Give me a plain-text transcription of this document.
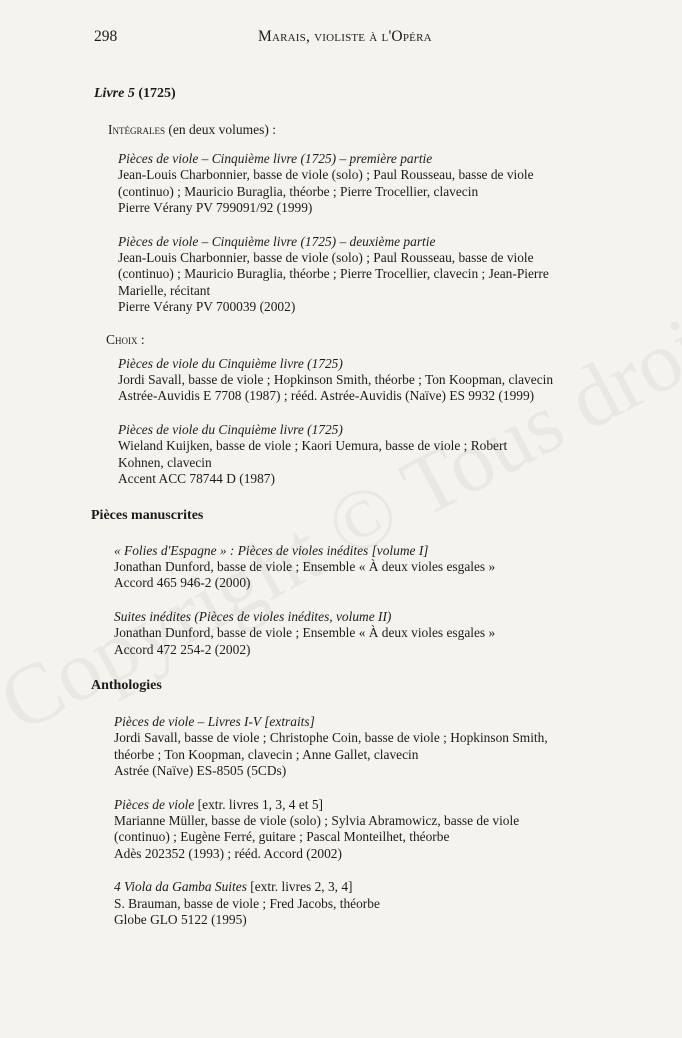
298	Marais, violiste à l'Opéra
Livre 5 (1725)
Intégrales (en deux volumes) :

Pièces de viole – Cinquième livre (1725) – première partie

Jean-Louis Charbonnier, basse de viole (solo) ; Paul Rousseau, basse de viole

(continuo) ; Mauricio Buraglia, théorbe ; Pierre Trocellier, clavecin

Pierre Vérany PV 799091/92 (1999)

Pièces de viole – Cinquième livre (1725) – deuxième partie

Jean-Louis Charbonnier, basse de viole (solo) ; Paul Rousseau, basse de viole

(continuo) ; Mauricio Buraglia, théorbe ; Pierre Trocellier, clavecin ; Jean-Pierre

Marielle, récitant

Pierre Vérany PV 700039 (2002)

Choix :

Pièces de viole du Cinquième livre (1725)

Jordi Savall, basse de viole ; Hopkinson Smith, théorbe ; Ton Koopman, clavecin

Astrée-Auvidis E 7708 (1987) ; rééd. Astrée-Auvidis (Naïve) ES 9932 (1999)

Pièces de viole du Cinquième livre (1725)

Wieland Kuijken, basse de viole ; Kaori Uemura, basse de viole ; Robert

Kohnen, clavecin

Accent ACC 78744 D (1987)

Pièces manuscrites

« Folies d'Espagne » : Pièces de violes inédites [volume I]

Jonathan Dunford, basse de viole ; Ensemble « À deux violes esgales »

Accord 465 946-2 (2000)

Suites inédites (Pièces de violes inédites, volume II)

Jonathan Dunford, basse de viole ; Ensemble « À deux violes esgales »

Accord 472 254-2 (2002)

Anthologies

Pièces de viole – Livres I-V [extraits]

Jordi Savall, basse de viole ; Christophe Coin, basse de viole ; Hopkinson Smith,

théorbe ; Ton Koopman, clavecin ; Anne Gallet, clavecin

Astrée (Naïve) ES-8505 (5CDs)

Pièces de viole [extr. livres 1, 3, 4 et 5]

Marianne Müller, basse de viole (solo) ; Sylvia Abramowicz, basse de viole

(continuo) ; Eugène Ferré, guitare ; Pascal Monteilhet, théorbe

Adès 202352 (1993) ; rééd. Accord (2002)

4 Viola da Gamba Suites [extr. livres 2, 3, 4]

S. Brauman, basse de viole ; Fred Jacobs, théorbe

Globe GLO 5122 (1995)
